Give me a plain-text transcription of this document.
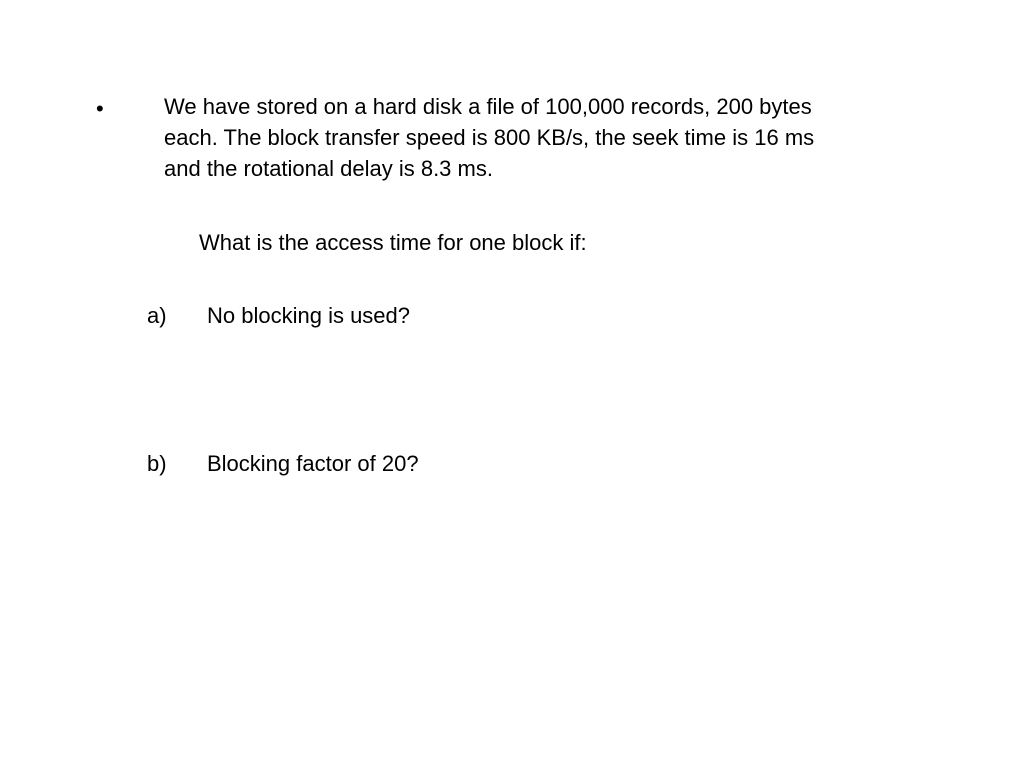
•	We have stored on a hard disk a file of 100,000 records, 200 bytes
each. The block transfer speed is 800 KB/s, the seek time is 16 ms
and the rotational delay is 8.3 ms.
What is the access time for one block if:
a) No blocking is used?
b) Blocking factor of 20?
